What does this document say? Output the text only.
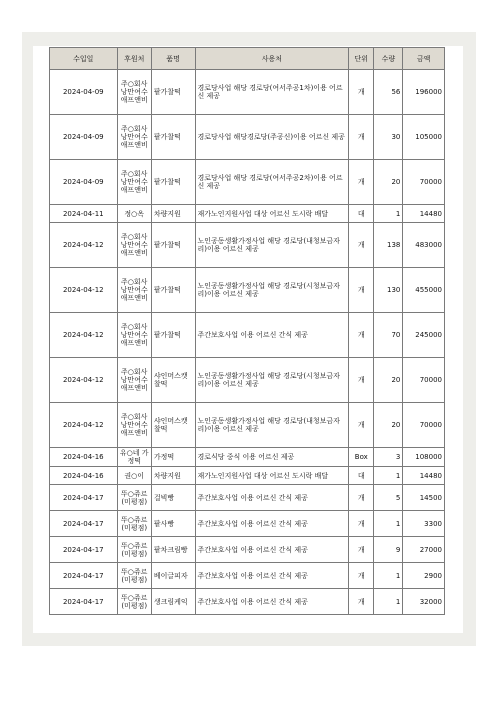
수입일	후원처	품명	사용처	단위	수량	금액
2024-04-09	주○회사 낭만여수애프앤비	팥가찰떡	경로당사업 해당 경로당(여서주공1차)이용 어르신 제공	개	56	196000
2024-04-09	주○회사 낭만여수애프앤비	팥가찰떡	경로당사업 해당경로당(주공신)이용 어르신 제공	개	30	105000
2024-04-09	주○회사 낭만여수애프앤비	팥가찰떡	경로당사업 해당 경로당(여서주공2차)이용 어르신 제공	개	20	70000
2024-04-11	정○옥	차량지원	재가노인지원사업 대상 어르신 도시락 배달	대	1	14480
2024-04-12	주○회사 낭만여수애프앤비	팥가찰떡	노인공동생활가정사업 해당 경로당(내청보금자리)이용 어르신 제공	개	138	483000
2024-04-12	주○회사 낭만여수애프앤비	팥가찰떡	노인공동생활가정사업 해당 경로당(시청보금자리)이용 어르신 제공	개	130	455000
2024-04-12	주○회사 낭만여수애프앤비	팥가찰떡	주간보호사업 이용 어르신 간식 제공	개	70	245000
2024-04-12	주○회사 낭만여수애프앤비	샤인머스캣찰떡	노인공동생활가정사업 해당 경로당(시청보금자리)이용 어르신 제공	개	20	70000
2024-04-12	주○회사 낭만여수애프앤비	샤인머스캣찰떡	노인공동생활가정사업 해당 경로당(내청보금자리)이용 어르신 제공	개	20	70000
2024-04-16	유○네 가정떡	가정떡	경로식당 중식 이용 어르신 제공	Box	3	108000
2024-04-16	권○이	차량지원	재가노인지원사업 대상 어르신 도시락 배달	대	1	14480
2024-04-17	뚜○쥬르(미평점)	걸빅빵	주간보호사업 이용 어르신 간식 제공	개	5	14500
2024-04-17	뚜○쥬르(미평점)	팥사빵	주간보호사업 이용 어르신 간식 제공	개	1	3300
2024-04-17	뚜○쥬르(미평점)	팥차크림빵	주간보호사업 이용 어르신 간식 제공	개	9	27000
2024-04-17	뚜○쥬르(미평점)	베이글피자	주간보호사업 이용 어르신 간식 제공	개	1	2900
2024-04-17	뚜○쥬르(미평점)	생크림케익	주간보호사업 이용 어르신 간식 제공	개	1	32000
